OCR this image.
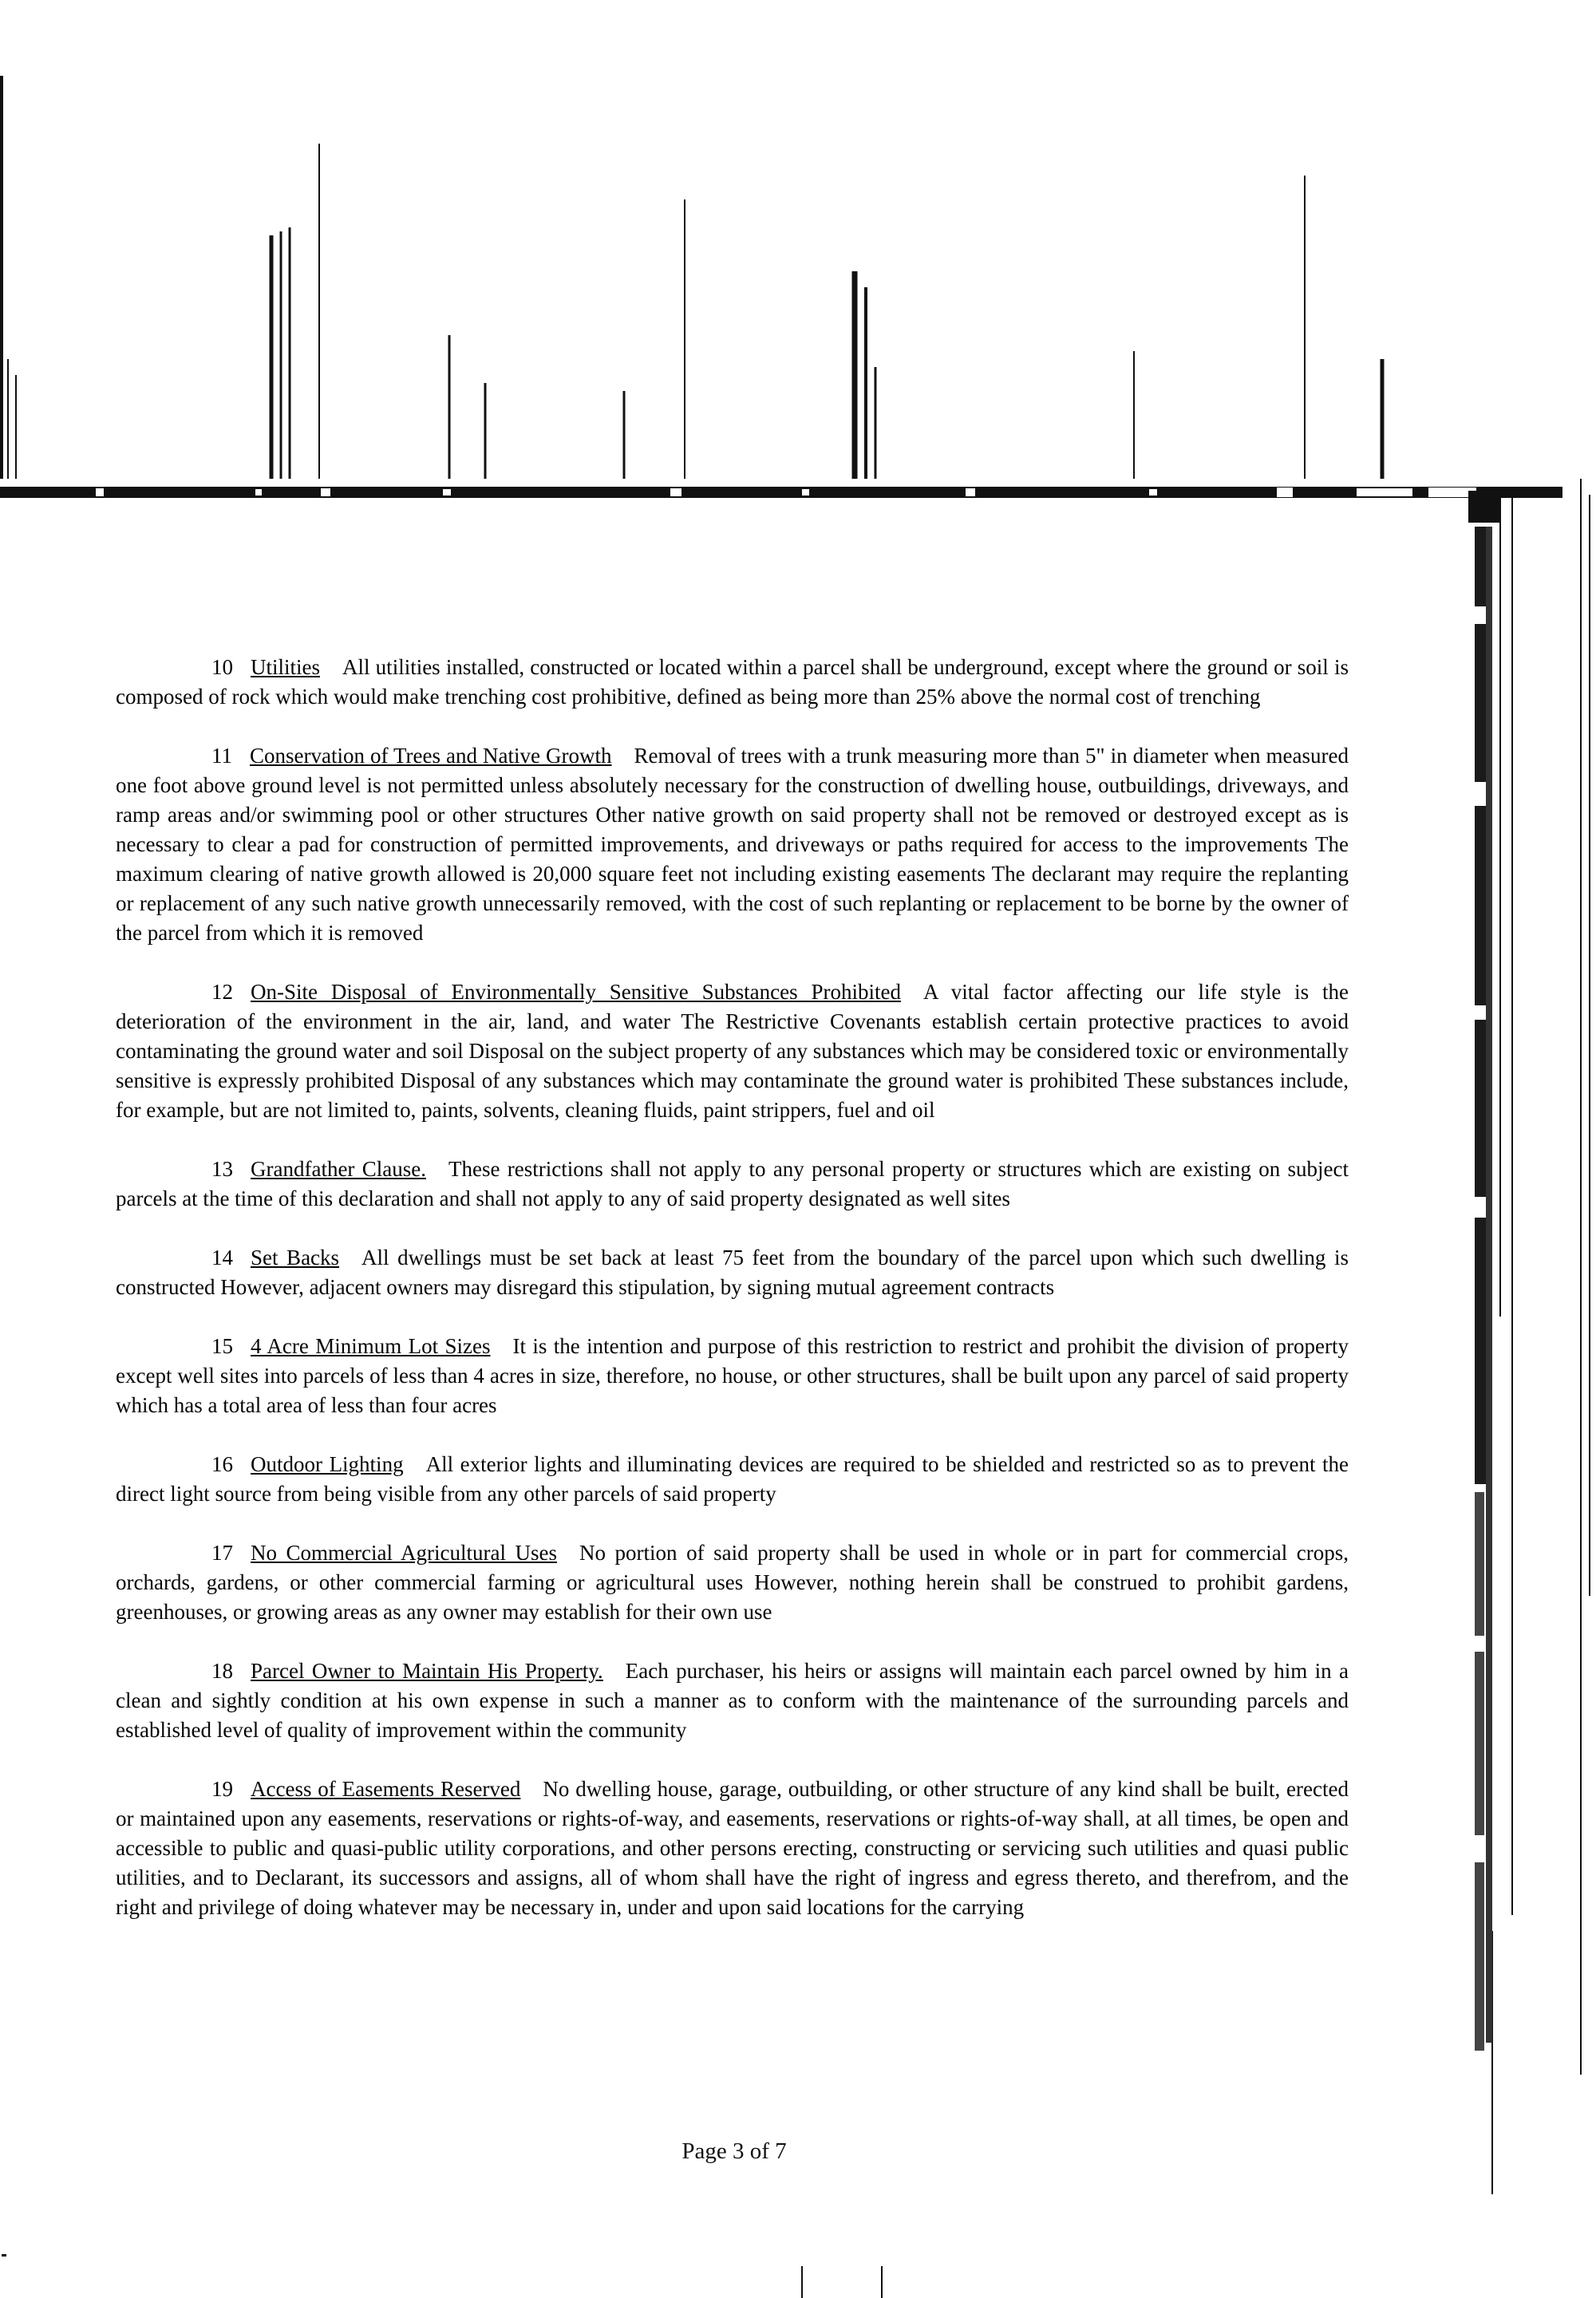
10 Utilities All utilities installed, constructed or located within a parcel shall be underground, except where the ground or soil is composed of rock which would make trenching cost prohibitive, defined as being more than 25% above the normal cost of trenching

11 Conservation of Trees and Native Growth Removal of trees with a trunk measuring more than 5" in diameter when measured one foot above ground level is not permitted unless absolutely necessary for the construction of dwelling house, outbuildings, driveways, and ramp areas and/or swimming pool or other structures Other native growth on said property shall not be removed or destroyed except as is necessary to clear a pad for construction of permitted improvements, and driveways or paths required for access to the improvements The maximum clearing of native growth allowed is 20,000 square feet not including existing easements The declarant may require the replanting or replacement of any such native growth unnecessarily removed, with the cost of such replanting or replacement to be borne by the owner of the parcel from which it is removed

12 On-Site Disposal of Environmentally Sensitive Substances Prohibited A vital factor affecting our life style is the deterioration of the environment in the air, land, and water The Restrictive Covenants establish certain protective practices to avoid contaminating the ground water and soil Disposal on the subject property of any substances which may be considered toxic or environmentally sensitive is expressly prohibited Disposal of any substances which may contaminate the ground water is prohibited These substances include, for example, but are not limited to, paints, solvents, cleaning fluids, paint strippers, fuel and oil

13 Grandfather Clause. These restrictions shall not apply to any personal property or structures which are existing on subject parcels at the time of this declaration and shall not apply to any of said property designated as well sites

14 Set Backs All dwellings must be set back at least 75 feet from the boundary of the parcel upon which such dwelling is constructed However, adjacent owners may disregard this stipulation, by signing mutual agreement contracts

15 4 Acre Minimum Lot Sizes It is the intention and purpose of this restriction to restrict and prohibit the division of property except well sites into parcels of less than 4 acres in size, therefore, no house, or other structures, shall be built upon any parcel of said property which has a total area of less than four acres

16 Outdoor Lighting All exterior lights and illuminating devices are required to be shielded and restricted so as to prevent the direct light source from being visible from any other parcels of said property

17 No Commercial Agricultural Uses No portion of said property shall be used in whole or in part for commercial crops, orchards, gardens, or other commercial farming or agricultural uses However, nothing herein shall be construed to prohibit gardens, greenhouses, or growing areas as any owner may establish for their own use

18 Parcel Owner to Maintain His Property. Each purchaser, his heirs or assigns will maintain each parcel owned by him in a clean and sightly condition at his own expense in such a manner as to conform with the maintenance of the surrounding parcels and established level of quality of improvement within the community

19 Access of Easements Reserved No dwelling house, garage, outbuilding, or other structure of any kind shall be built, erected or maintained upon any easements, reservations or rights-of-way, and easements, reservations or rights-of-way shall, at all times, be open and accessible to public and quasi-public utility corporations, and other persons erecting, constructing or servicing such utilities and quasi public utilities, and to Declarant, its successors and assigns, all of whom shall have the right of ingress and egress thereto, and therefrom, and the right and privilege of doing whatever may be necessary in, under and upon said locations for the carrying

Page 3 of 7
